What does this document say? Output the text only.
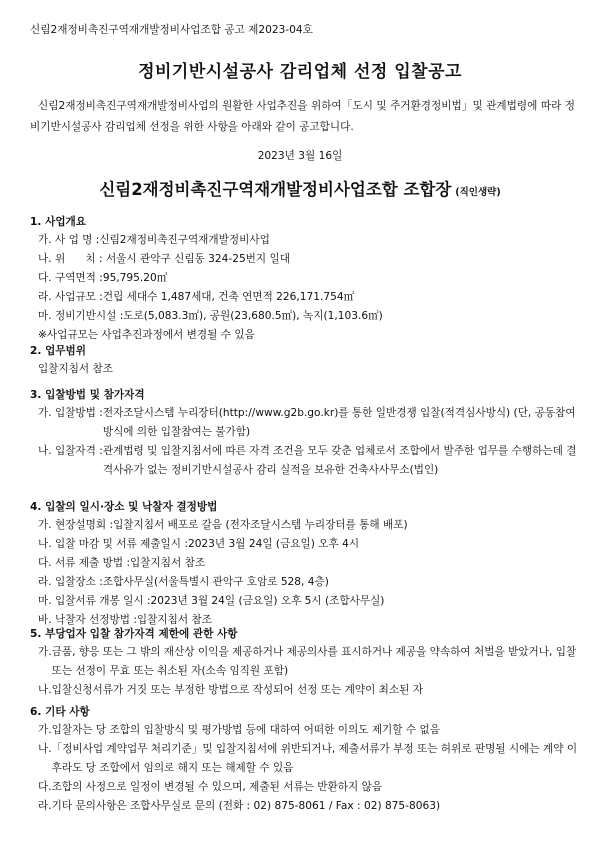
신림2재정비촉진구역재개발정비사업조합 공고 제2023-04호
정비기반시설공사 감리업체 선정 입찰공고
신림2재정비촉진구역재개발정비사업의 원활한 사업추진을 위하여「도시 및 주거환경정비법」및 관계법령에 따라 정비기반시설공사 감리업체 선정을 위한 사항을 아래와 같이 공고합니다.
2023년 3월 16일
신림2재정비촉진구역재개발정비사업조합 조합장 (직인생략)
1. 사업개요
가. 사 업 명 : 신림2재정비촉진구역재개발정비사업
나. 위      치 : 서울시 관악구 신림동 324-25번지 일대
다. 구역면적 : 95,795.20㎡
라. 사업규모 : 건립 세대수 1,487세대, 건축 연면적 226,171.754㎡
마. 정비기반시설 : 도로(5,083.3㎡), 공원(23,680.5㎡), 녹지(1,103.6㎡)
※ 사업규모는 사업추진과정에서 변경될 수 있음
2. 업무범위
입찰지침서 참조
3. 입찰방법 및 참가자격
가. 입찰방법 : 전자조달시스템 누리장터(http://www.g2b.go.kr)를 통한 일반경쟁 입찰(적격심사방식) (단, 공동참여방식에 의한 입찰참여는 불가함)
나. 입찰자격 : 관계법령 및 입찰지침서에 따른 자격 조건을 모두 갖춘 업체로서 조합에서 발주한 업무를 수행하는데 결격사유가 없는 정비기반시설공사 감리 실적을 보유한 건축사사무소(법인)
4. 입찰의 일시·장소 및 낙찰자 결정방법
가. 현장설명회 : 입찰지침서 배포로 갈음 (전자조달시스템 누리장터를 통해 배포)
나. 입찰 마감 및 서류 제출일시 : 2023년 3월 24일 (금요일) 오후 4시
다. 서류 제출 방법 : 입찰지침서 참조
라. 입찰장소 : 조합사무실(서울특별시 관악구 호암로 528, 4층)
마. 입찰서류 개봉 일시 : 2023년 3월 24일 (금요일) 오후 5시 (조합사무실)
바. 낙찰자 선정방법 : 입찰지침서 참조
5. 부당업자 입찰 참가자격 제한에 관한 사항
가. 금품, 향응 또는 그 밖의 재산상 이익을 제공하거나 제공의사를 표시하거나 제공을 약속하여 처벌을 받았거나, 입찰 또는 선정이 무효 또는 취소된 자(소속 임직원 포함)
나. 입찰신청서류가 거짓 또는 부정한 방법으로 작성되어 선정 또는 계약이 최소된 자
6. 기타 사항
가. 입찰자는 당 조합의 입찰방식 및 평가방법 등에 대하여 어떠한 이의도 제기할 수 없음
나. 「정비사업 계약업무 처리기준」및 입찰지침서에 위반되거나, 제출서류가 부정 또는 허위로 판명될 시에는 계약 이후라도 당 조합에서 임의로 해지 또는 해제할 수 있음
다. 조합의 사정으로 일정이 변경될 수 있으며, 제출된 서류는 반환하지 않음
라. 기타 문의사항은 조합사무실로 문의 (전화 : 02) 875-8061 / Fax : 02) 875-8063)
